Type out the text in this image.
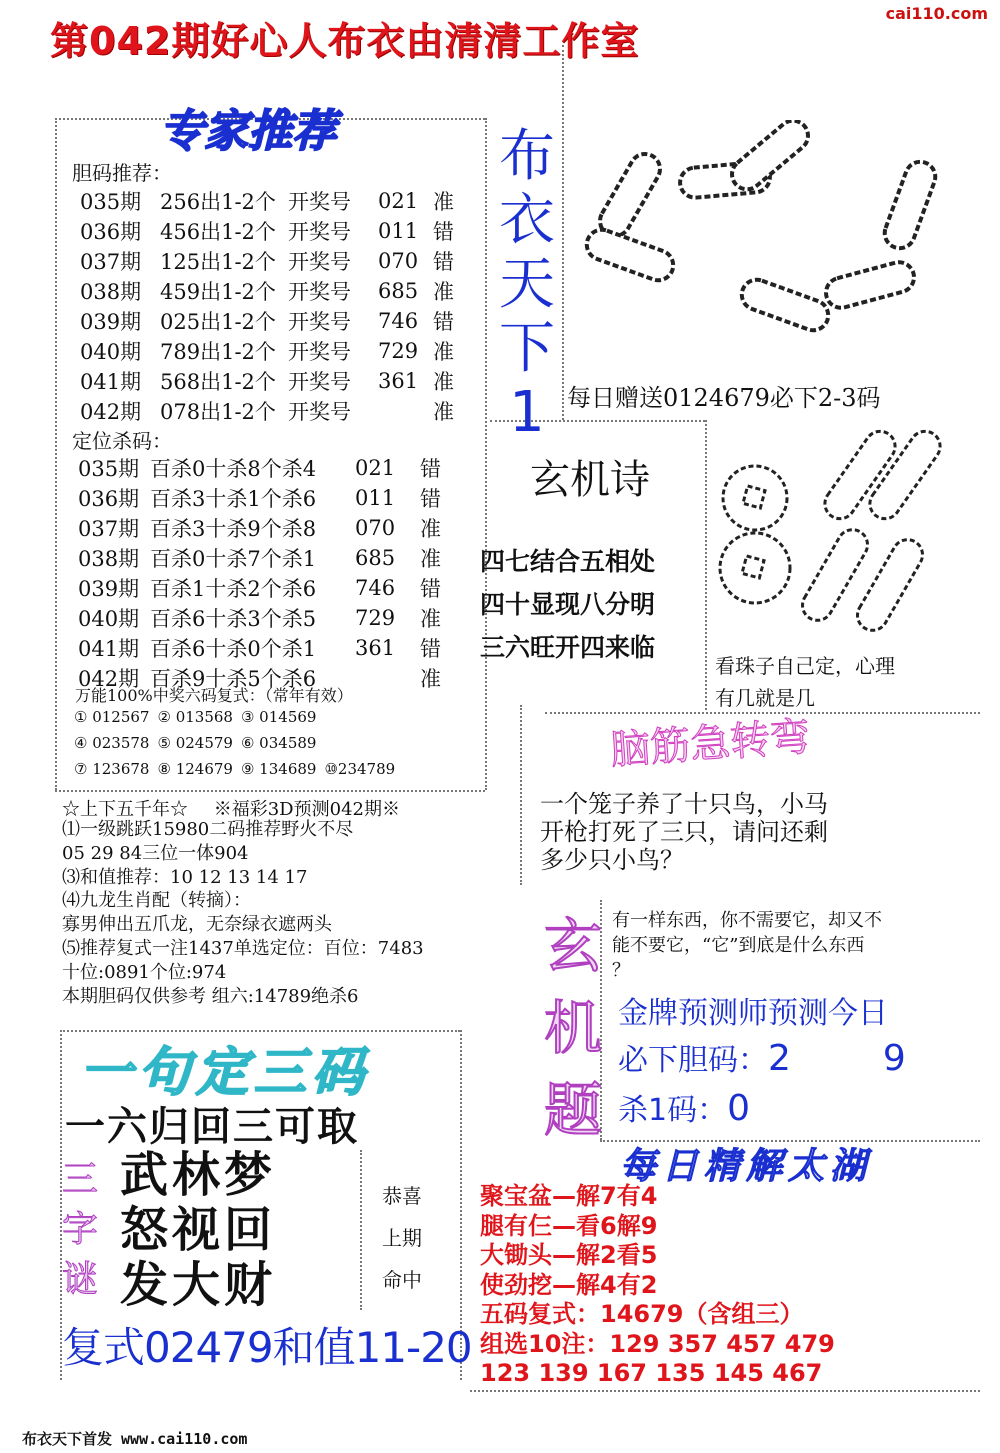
第042期好心人布衣由清清工作室
cai110.com
专家推荐
胆码推荐：
035期	256出1-2个	开奖号	021	准
036期	456出1-2个	开奖号	011	错
037期	125出1-2个	开奖号	070	错
038期	459出1-2个	开奖号	685	准
039期	025出1-2个	开奖号	746	错
040期	789出1-2个	开奖号	729	准
041期	568出1-2个	开奖号	361	准
042期	078出1-2个	开奖号		准
定位杀码：
035期	百杀0十杀8个杀4	021	错
036期	百杀3十杀1个杀6	011	错
037期	百杀3十杀9个杀8	070	准
038期	百杀0十杀7个杀1	685	准
039期	百杀1十杀2个杀6	746	错
040期	百杀6十杀3个杀5	729	准
041期	百杀6十杀0个杀1	361	错
042期	百杀9十杀5个杀6		准
万能100%中奖六码复式：（常年有效）
① 012567 ② 013568 ③ 014569
④ 023578 ⑤ 024579 ⑥ 034589
⑦ 123678 ⑧ 124679 ⑨ 134689 ⑩234789
☆上下五千年☆ ※福彩3D预测042期※
⑴一级跳跃15980二码推荐野火不尽
05 29 84三位一体904
⑶和值推荐：10 12 13 14 17
⑷九龙生肖配（转摘）：
寡男伸出五爪龙，无奈绿衣遮两头
⑸推荐复式一注1437单选定位：百位：7483
十位:0891个位:974
本期胆码仅供参考 组六:14789绝杀6
一句定三码
一六归回三可取
三
字
谜
武林梦
怒视回
发大财
恭喜
上期
命中
复式02479和值11-20
布
衣
天
下
1 每日赠送0124679必下2-3码
玄机诗
四七结合五相处
四十显现八分明
三六旺开四来临
看珠子自己定，心理
有几就是几
脑筋急转弯
一个笼子养了十只鸟，小马
开枪打死了三只，请问还剩
多少只小鸟？
玄
机
题
有一样东西，你不需要它，却又不
能不要它，“它”到底是什么东西
？
金牌预测师预测今日
必下胆码：2	9
杀1码：0
每日精解太湖
聚宝盆—解7有4
腿有仨—看6解9
大锄头—解2看5
使劲挖—解4有2
五码复式：14679（含组三）
组选10注：129 357 457 479
123 139 167 135 145 467
布衣天下首发 www.cai110.com
